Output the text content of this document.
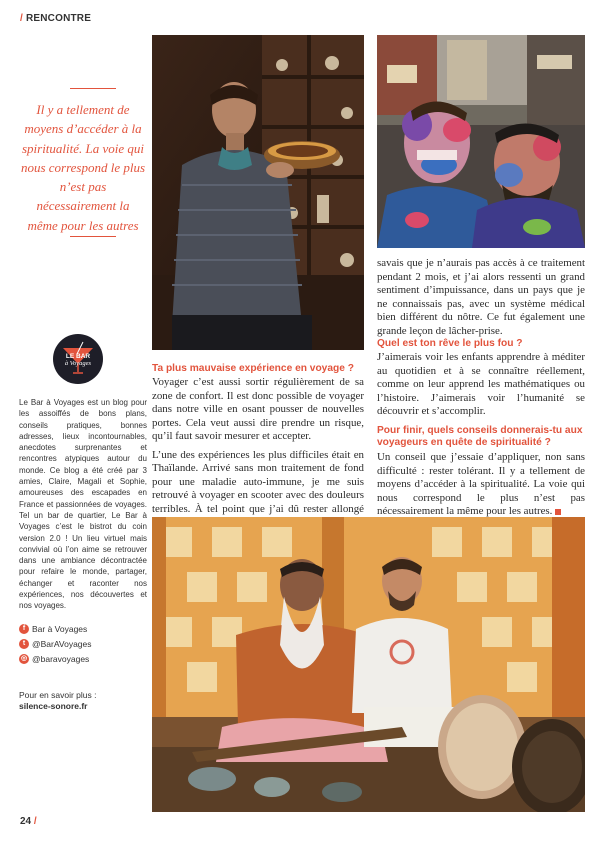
/ RENCONTRE
Il y a tellement de moyens d’accéder à la spiritualité. La voie qui nous correspond le plus n’est pas nécessairement la même pour les autres
LE BAR
à Voyages
Le Bar à Voyages est un blog pour les assoiffés de bons plans, conseils pratiques, bonnes adresses, lieux incontournables, anecdotes surprenantes et rencontres atypiques autour du monde. Ce blog a été créé par 3 amies, Claire, Magali et Sophie, amoureuses des escapades en France et passionnées de voyages. Tel un bar de quartier, Le Bar à Voyages c’est le bistrot du coin version 2.0 ! Un lieu virtuel mais convivial où l’on aime se retrouver dans une ambiance décontractée pour refaire le monde, partager, échanger et raconter nos expériences, nos découvertes et nos voyages.
f Bar à Voyages
t @BarAVoyages
◎ @baravoyages
Pour en savoir plus :
silence-sonore.fr
savais que je n’aurais pas accès à ce traitement pendant 2 mois, et j’ai alors ressenti un grand sentiment d’impuissance, dans un pays que je ne connaissais pas, avec un système médical bien différent du nôtre. Ce fut également une grande leçon de lâcher-prise.
Ta plus mauvaise expérience en voyage ?

Voyager c’est aussi sortir régulièrement de sa zone de confort. Il est donc possible de voyager dans notre ville en osant pousser de nouvelles portes. Cela veut aussi dire prendre un risque, qu’il faut savoir mesurer et accepter.

L’une des expériences les plus difficiles était en Thaïlande. Arrivé sans mon traitement de fond pour une maladie auto-immune, je me suis retrouvé à voyager en scooter avec des douleurs terribles. À tel point que j’ai dû rester allongé

Quel est ton rêve le plus fou ?
J’aimerais voir les enfants apprendre à méditer au quotidien et à se connaître réellement, comme on leur apprend les mathématiques ou l’histoire. J’aimerais voir l’humanité se découvrir et s’accomplir.
Pour finir, quels conseils donnerais-tu aux voyageurs en quête de spiritualité ?
Un conseil que j’essaie d’appliquer, non sans difficulté : rester tolérant. Il y a tellement de moyens d’accéder à la spiritualité. La voie qui nous correspond le plus n’est pas nécessairement la même pour les autres.
24 /
